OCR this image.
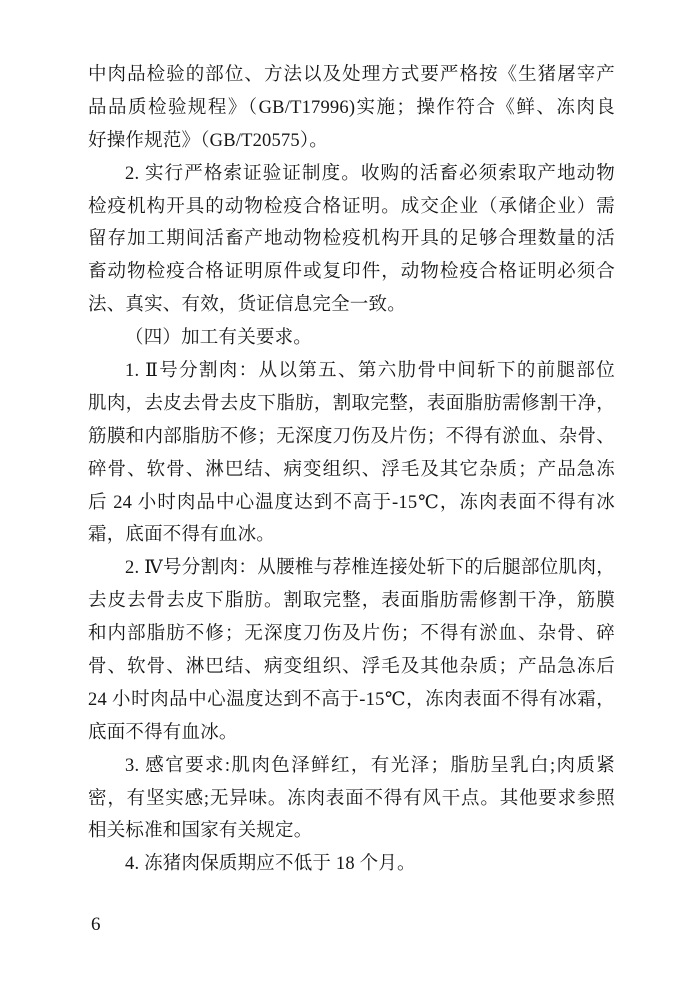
中肉品检验的部位、方法以及处理方式要严格按《生猪屠宰产
品品质检验规程》（GB/T17996)实施；操作符合《鲜、冻肉良
好操作规范》（GB/T20575）。
2. 实行严格索证验证制度。收购的活畜必须索取产地动物
检疫机构开具的动物检疫合格证明。成交企业（承储企业）需
留存加工期间活畜产地动物检疫机构开具的足够合理数量的活
畜动物检疫合格证明原件或复印件，动物检疫合格证明必须合
法、真实、有效，货证信息完全一致。
（四）加工有关要求。
1. Ⅱ号分割肉：从以第五、第六肋骨中间斩下的前腿部位
肌肉，去皮去骨去皮下脂肪，割取完整，表面脂肪需修割干净，
筋膜和内部脂肪不修；无深度刀伤及片伤；不得有淤血、杂骨、
碎骨、软骨、淋巴结、病变组织、浮毛及其它杂质；产品急冻
后 24 小时肉品中心温度达到不高于-15℃，冻肉表面不得有冰
霜，底面不得有血冰。
2. Ⅳ号分割肉：从腰椎与荐椎连接处斩下的后腿部位肌肉，
去皮去骨去皮下脂肪。割取完整，表面脂肪需修割干净，筋膜
和内部脂肪不修；无深度刀伤及片伤；不得有淤血、杂骨、碎
骨、软骨、淋巴结、病变组织、浮毛及其他杂质；产品急冻后
24 小时肉品中心温度达到不高于-15℃，冻肉表面不得有冰霜，
底面不得有血冰。
3. 感官要求:肌肉色泽鲜红，有光泽；脂肪呈乳白;肉质紧
密，有坚实感;无异味。冻肉表面不得有风干点。其他要求参照
相关标准和国家有关规定。
4. 冻猪肉保质期应不低于 18 个月。
6
